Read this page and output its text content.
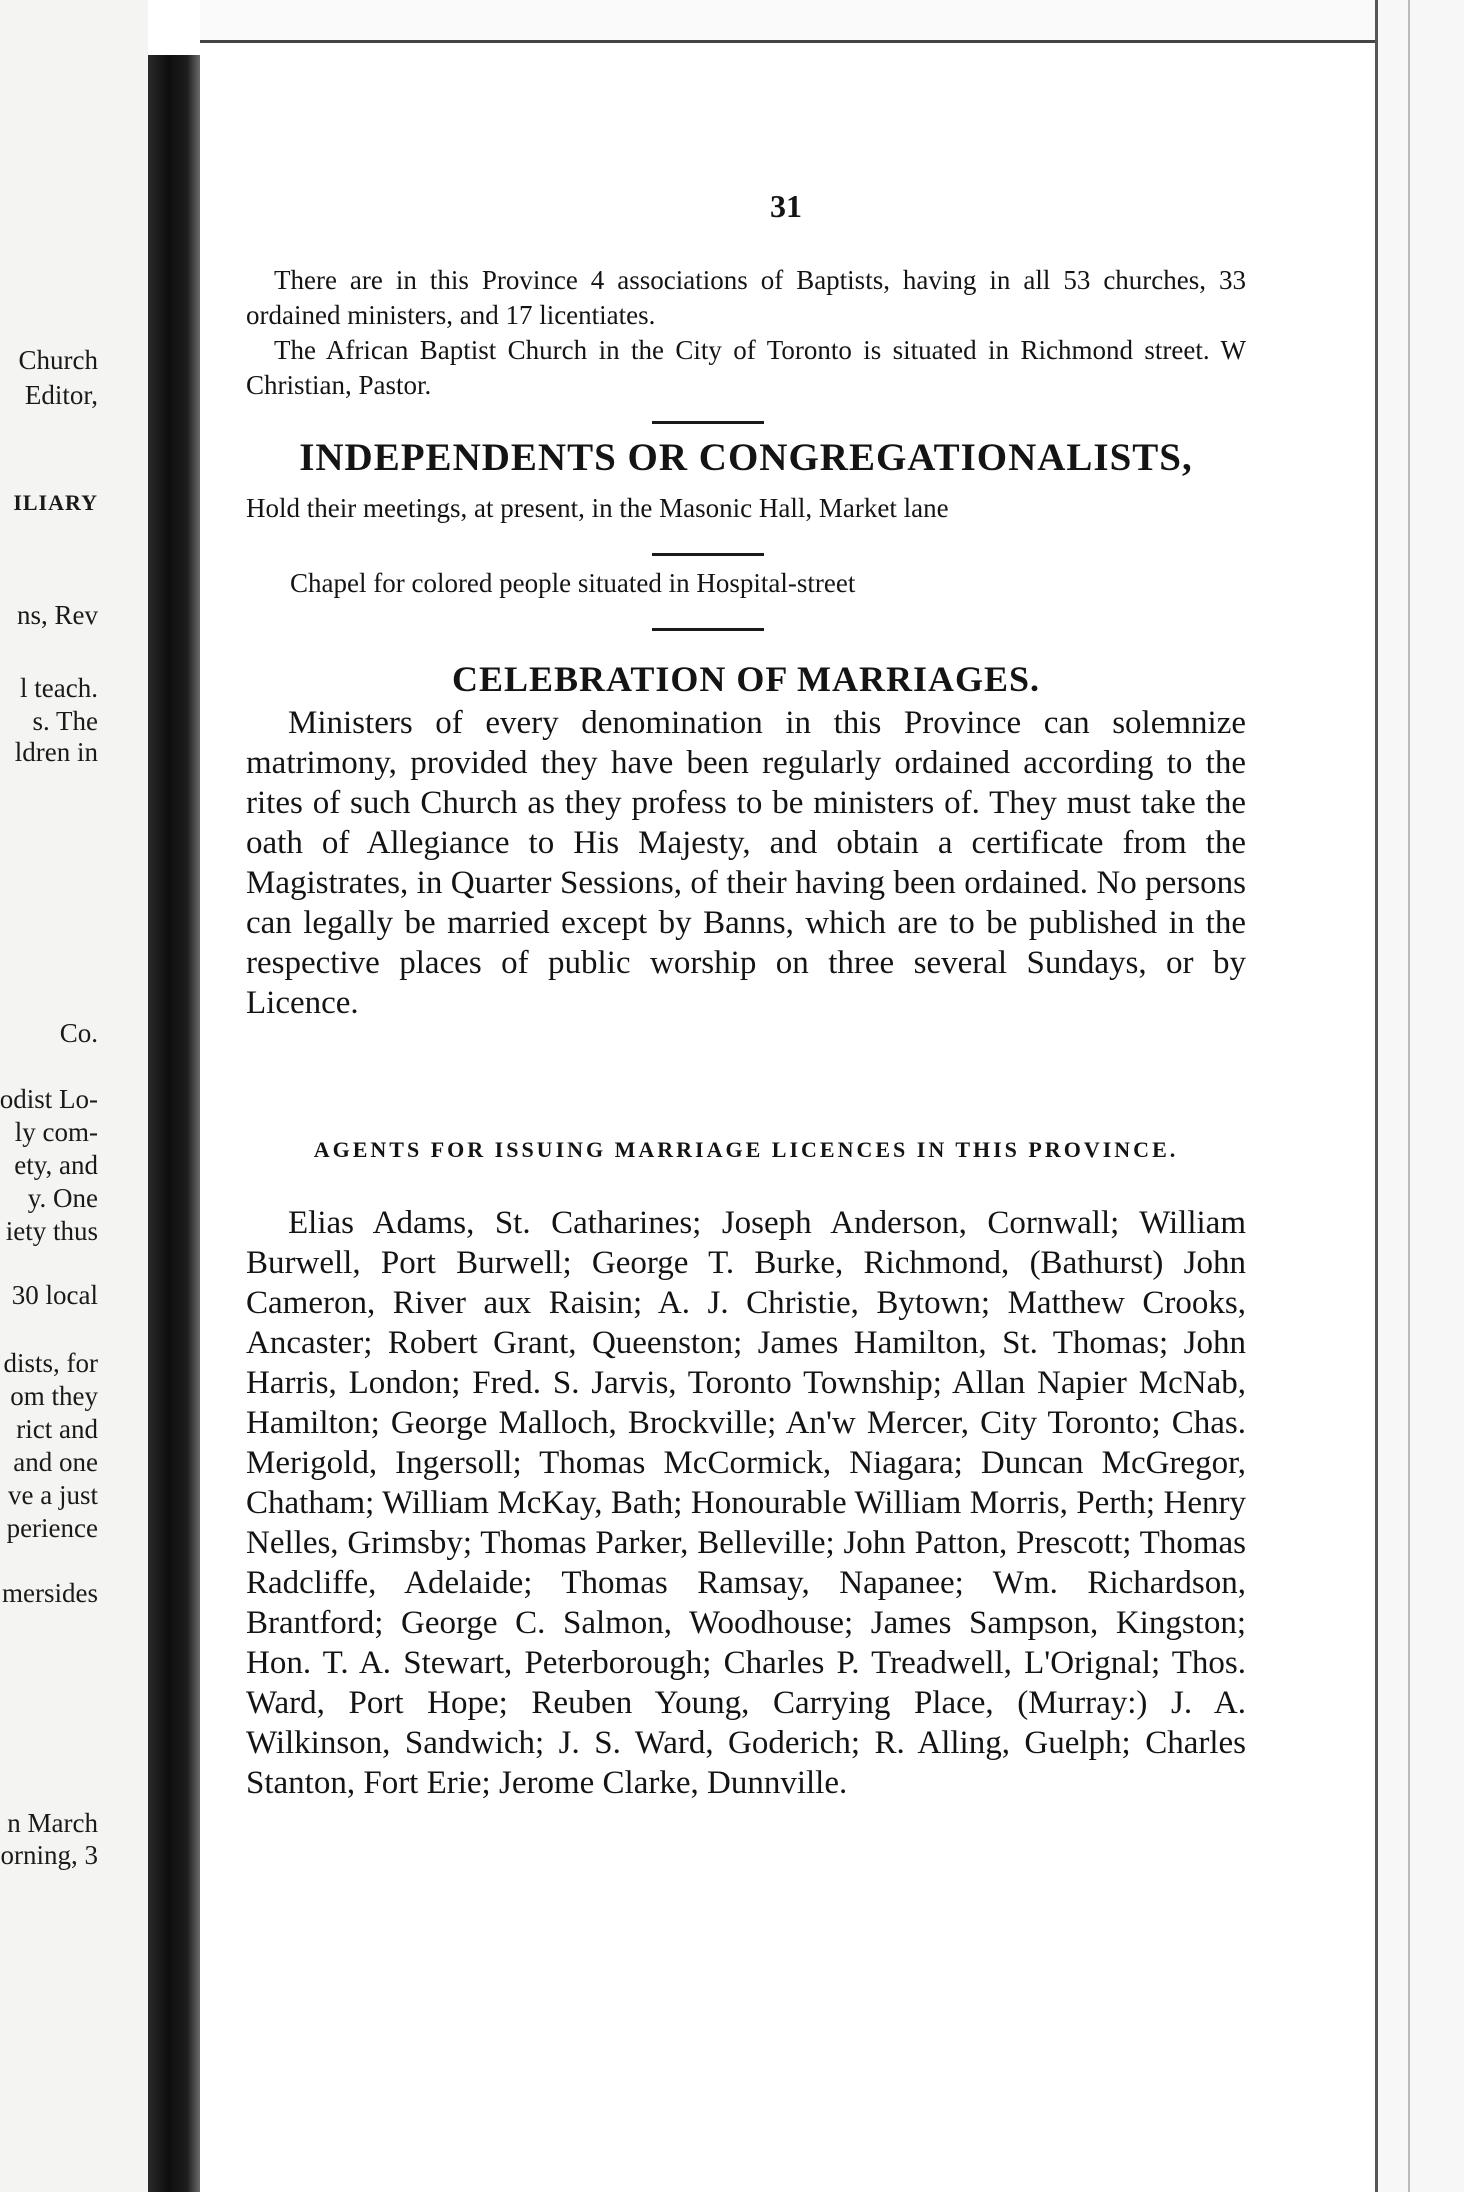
Church
Editor,
ILIARY
ns, Rev
l teach.
s. The
ldren in
Co.
odist Lo-
ly com-
ety, and
y. One
iety thus
30 local
dists, for
om they
rict and
and one
ve a just
perience
mersides
n March
orning, 3
31

There are in this Province 4 associations of Baptists, having in all 53 churches, 33 ordained ministers, and 17 licentiates.

The African Baptist Church in the City of Toronto is situated in Richmond street. W Christian, Pastor.

INDEPENDENTS OR CONGREGATIONALISTS,

Hold their meetings, at present, in the Masonic Hall, Market lane

Chapel for colored people situated in Hospital-street

CELEBRATION OF MARRIAGES.

Ministers of every denomination in this Province can solemnize matrimony, provided they have been regularly ordained according to the rites of such Church as they profess to be ministers of. They must take the oath of Allegiance to His Majesty, and obtain a certificate from the Magistrates, in Quarter Sessions, of their having been ordained. No persons can legally be married except by Banns, which are to be published in the respective places of public worship on three several Sundays, or by Licence.

AGENTS FOR ISSUING MARRIAGE LICENCES IN THIS PROVINCE.

Elias Adams, St. Catharines; Joseph Anderson, Cornwall; William Burwell, Port Burwell; George T. Burke, Richmond, (Bathurst) John Cameron, River aux Raisin; A. J. Christie, Bytown; Matthew Crooks, Ancaster; Robert Grant, Queenston; James Hamilton, St. Thomas; John Harris, London; Fred. S. Jarvis, Toronto Township; Allan Napier McNab, Hamilton; George Malloch, Brockville; An'w Mercer, City Toronto; Chas. Merigold, Ingersoll; Thomas McCormick, Niagara; Duncan McGregor, Chatham; William McKay, Bath; Honourable William Morris, Perth; Henry Nelles, Grimsby; Thomas Parker, Belleville; John Patton, Prescott; Thomas Radcliffe, Adelaide; Thomas Ramsay, Napanee; Wm. Richardson, Brantford; George C. Salmon, Woodhouse; James Sampson, Kingston; Hon. T. A. Stewart, Peterborough; Charles P. Treadwell, L'Orignal; Thos. Ward, Port Hope; Reuben Young, Carrying Place, (Murray:) J. A. Wilkinson, Sandwich; J. S. Ward, Goderich; R. Alling, Guelph; Charles Stanton, Fort Erie; Jerome Clarke, Dunnville.
